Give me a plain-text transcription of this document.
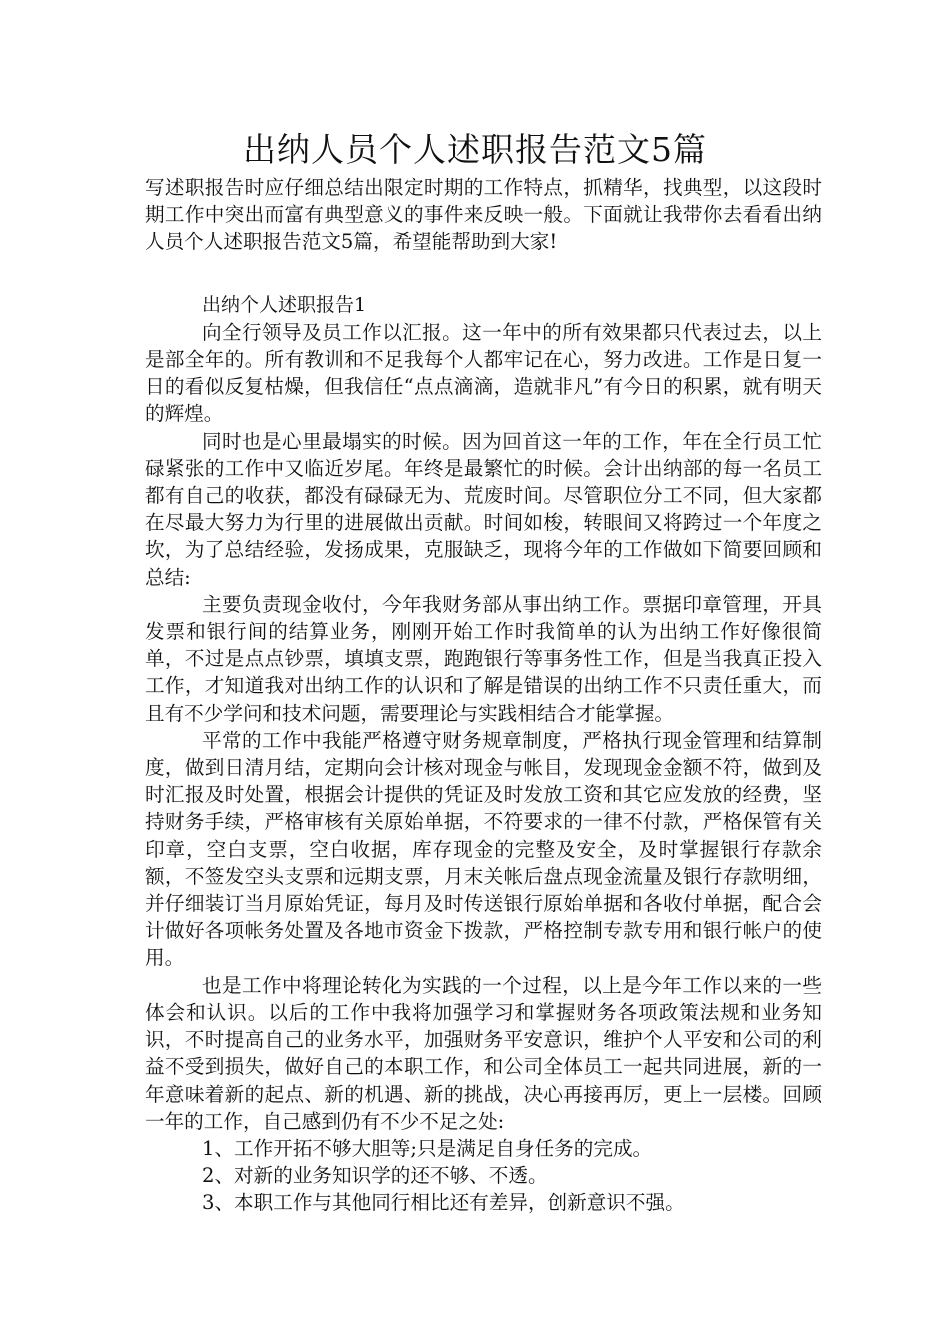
出纳人员个人述职报告范文5篇

写述职报告时应仔细总结出限定时期的工作特点，抓精华，找典型，以这段时期工作中突出而富有典型意义的事件来反映一般。下面就让我带你去看看出纳人员个人述职报告范文5篇，希望能帮助到大家!

出纳个人述职报告1

向全行领导及员工作以汇报。这一年中的所有效果都只代表过去，以上是部全年的。所有教训和不足我每个人都牢记在心，努力改进。工作是日复一日的看似反复枯燥，但我信任“点点滴滴，造就非凡”有今日的积累，就有明天的辉煌。

同时也是心里最塌实的时候。因为回首这一年的工作，年在全行员工忙碌紧张的工作中又临近岁尾。年终是最繁忙的时候。会计出纳部的每一名员工都有自己的收获，都没有碌碌无为、荒废时间。尽管职位分工不同，但大家都在尽最大努力为行里的进展做出贡献。时间如梭，转眼间又将跨过一个年度之坎，为了总结经验，发扬成果，克服缺乏，现将今年的工作做如下简要回顾和总结:

主要负责现金收付，今年我财务部从事出纳工作。票据印章管理，开具发票和银行间的结算业务，刚刚开始工作时我简单的认为出纳工作好像很简单，不过是点点钞票，填填支票，跑跑银行等事务性工作，但是当我真正投入工作，才知道我对出纳工作的认识和了解是错误的出纳工作不只责任重大，而且有不少学问和技术问题，需要理论与实践相结合才能掌握。

平常的工作中我能严格遵守财务规章制度，严格执行现金管理和结算制度，做到日清月结，定期向会计核对现金与帐目，发现现金金额不符，做到及时汇报及时处置，根据会计提供的凭证及时发放工资和其它应发放的经费，坚持财务手续，严格审核有关原始单据，不符要求的一律不付款，严格保管有关印章，空白支票，空白收据，库存现金的完整及安全，及时掌握银行存款余额，不签发空头支票和远期支票，月末关帐后盘点现金流量及银行存款明细，并仔细装订当月原始凭证，每月及时传送银行原始单据和各收付单据，配合会计做好各项帐务处置及各地市资金下拨款，严格控制专款专用和银行帐户的使用。

也是工作中将理论转化为实践的一个过程，以上是今年工作以来的一些体会和认识。以后的工作中我将加强学习和掌握财务各项政策法规和业务知识，不时提高自己的业务水平，加强财务平安意识，维护个人平安和公司的利益不受到损失，做好自己的本职工作，和公司全体员工一起共同进展，新的一年意味着新的起点、新的机遇、新的挑战，决心再接再厉，更上一层楼。回顾一年的工作，自己感到仍有不少不足之处:

1、工作开拓不够大胆等;只是满足自身任务的完成。

2、对新的业务知识学的还不够、不透。

3、本职工作与其他同行相比还有差异，创新意识不强。
